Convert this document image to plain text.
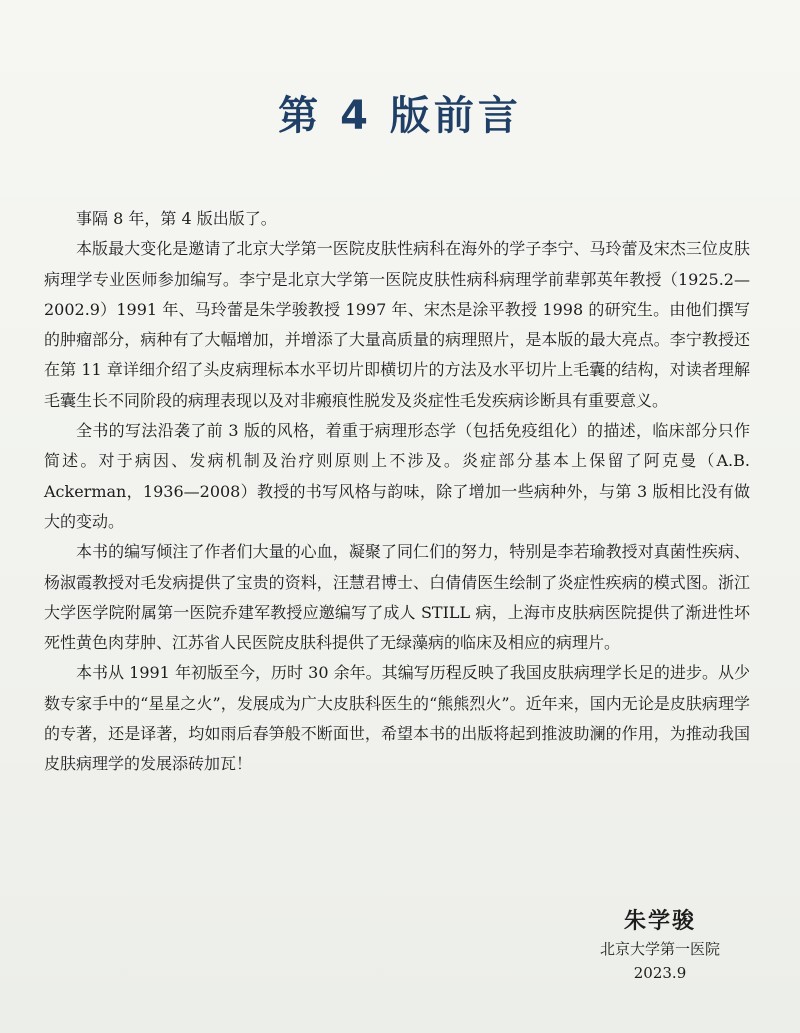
第 4 版前言

事隔 8 年，第 4 版出版了。

本版最大变化是邀请了北京大学第一医院皮肤性病科在海外的学子李宁、马玲蕾及宋杰三位皮肤病理学专业医师参加编写。李宁是北京大学第一医院皮肤性病科病理学前辈郭英年教授（1925.2—2002.9）1991 年、马玲蕾是朱学骏教授 1997 年、宋杰是涂平教授 1998 的研究生。由他们撰写的肿瘤部分，病种有了大幅增加，并增添了大量高质量的病理照片，是本版的最大亮点。李宁教授还在第 11 章详细介绍了头皮病理标本水平切片即横切片的方法及水平切片上毛囊的结构，对读者理解毛囊生长不同阶段的病理表现以及对非瘢痕性脱发及炎症性毛发疾病诊断具有重要意义。

全书的写法沿袭了前 3 版的风格，着重于病理形态学（包括免疫组化）的描述，临床部分只作简述。对于病因、发病机制及治疗则原则上不涉及。炎症部分基本上保留了阿克曼（A.B. Ackerman，1936—2008）教授的书写风格与韵味，除了增加一些病种外，与第 3 版相比没有做大的变动。

本书的编写倾注了作者们大量的心血，凝聚了同仁们的努力，特别是李若瑜教授对真菌性疾病、杨淑霞教授对毛发病提供了宝贵的资料，汪慧君博士、白倩倩医生绘制了炎症性疾病的模式图。浙江大学医学院附属第一医院乔建军教授应邀编写了成人 STILL 病，上海市皮肤病医院提供了渐进性坏死性黄色肉芽肿、江苏省人民医院皮肤科提供了无绿藻病的临床及相应的病理片。

本书从 1991 年初版至今，历时 30 余年。其编写历程反映了我国皮肤病理学长足的进步。从少数专家手中的“星星之火”，发展成为广大皮肤科医生的“熊熊烈火”。近年来，国内无论是皮肤病理学的专著，还是译著，均如雨后春笋般不断面世，希望本书的出版将起到推波助澜的作用，为推动我国皮肤病理学的发展添砖加瓦！

朱学骏
北京大学第一医院
2023.9
